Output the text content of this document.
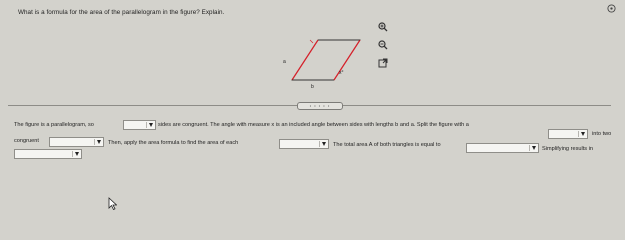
What is a formula for the area of the parallelogram in the figure? Explain.
a
x°
b
• • • • •
The figure is a parallelogram, so	sides are congruent. The angle with measure x is an included angle between sides with lengths b and a. Split the figure with a
into two
congruent	Then, apply the area formula to find the area of each	The total area A of both triangles is equal to
Simplifying results in
